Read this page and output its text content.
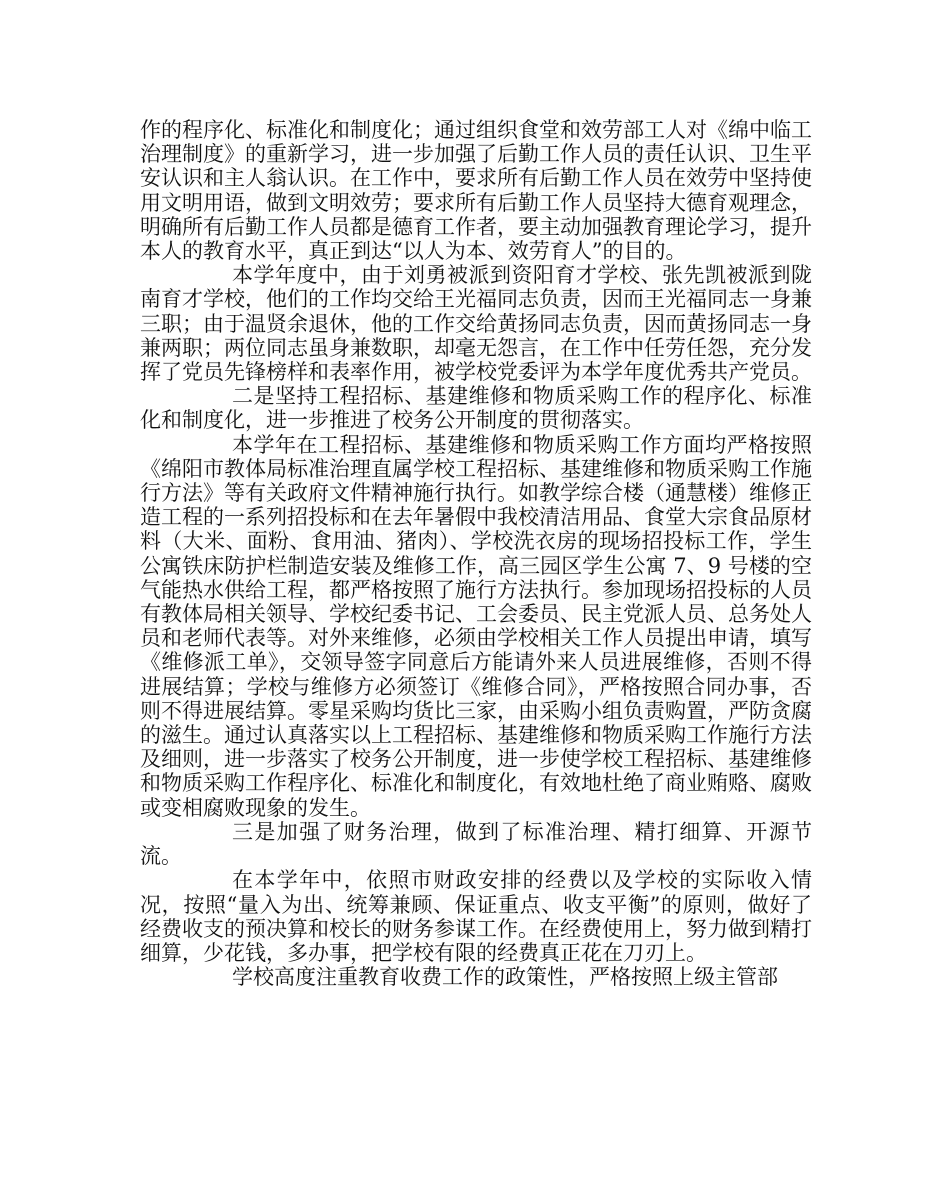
作的程序化、标准化和制度化；通过组织食堂和效劳部工人对《绵中临工治理制度》的重新学习，进一步加强了后勤工作人员的责任认识、卫生平安认识和主人翁认识。在工作中，要求所有后勤工作人员在效劳中坚持使用文明用语，做到文明效劳；要求所有后勤工作人员坚持大德育观理念，明确所有后勤工作人员都是德育工作者，要主动加强教育理论学习，提升本人的教育水平，真正到达“以人为本、效劳育人”的目的。

本学年度中，由于刘勇被派到资阳育才学校、张先凯被派到陇南育才学校，他们的工作均交给王光福同志负责，因而王光福同志一身兼三职；由于温贤余退休，他的工作交给黄扬同志负责，因而黄扬同志一身兼两职；两位同志虽身兼数职，却毫无怨言，在工作中任劳任怨，充分发挥了党员先锋榜样和表率作用，被学校党委评为本学年度优秀共产党员。

二是坚持工程招标、基建维修和物质采购工作的程序化、标准化和制度化，进一步推进了校务公开制度的贯彻落实。

本学年在工程招标、基建维修和物质采购工作方面均严格按照《绵阳市教体局标准治理直属学校工程招标、基建维修和物质采购工作施行方法》等有关政府文件精神施行执行。如教学综合楼（通慧楼）维修正造工程的一系列招投标和在去年暑假中我校清洁用品、食堂大宗食品原材料（大米、面粉、食用油、猪肉）、学校洗衣房的现场招投标工作，学生公寓铁床防护栏制造安装及维修工作，高三园区学生公寓 7、9 号楼的空气能热水供给工程，都严格按照了施行方法执行。参加现场招投标的人员有教体局相关领导、学校纪委书记、工会委员、民主党派人员、总务处人员和老师代表等。对外来维修，必须由学校相关工作人员提出申请，填写《维修派工单》，交领导签字同意后方能请外来人员进展维修，否则不得进展结算；学校与维修方必须签订《维修合同》，严格按照合同办事，否则不得进展结算。零星采购均货比三家，由采购小组负责购置，严防贪腐的滋生。通过认真落实以上工程招标、基建维修和物质采购工作施行方法及细则，进一步落实了校务公开制度，进一步使学校工程招标、基建维修和物质采购工作程序化、标准化和制度化，有效地杜绝了商业贿赂、腐败或变相腐败现象的发生。

三是加强了财务治理，做到了标准治理、精打细算、开源节流。

在本学年中，依照市财政安排的经费以及学校的实际收入情况，按照“量入为出、统筹兼顾、保证重点、收支平衡”的原则，做好了经费收支的预决算和校长的财务参谋工作。在经费使用上，努力做到精打细算，少花钱，多办事，把学校有限的经费真正花在刀刃上。

学校高度注重教育收费工作的政策性，严格按照上级主管部
